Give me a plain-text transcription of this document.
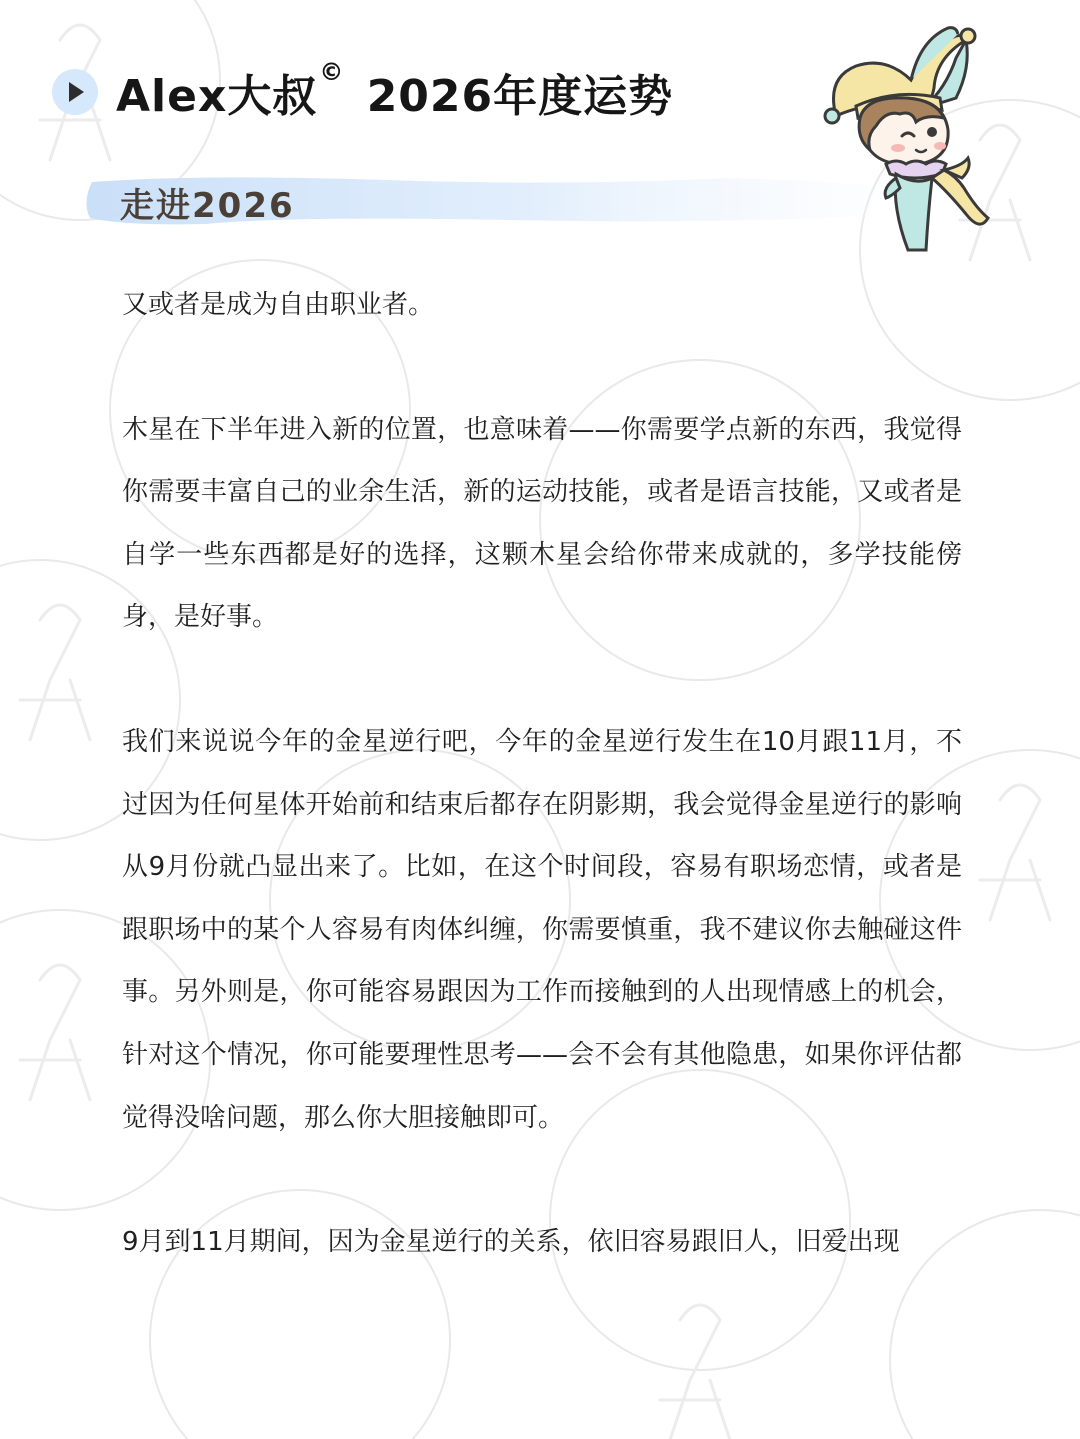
Alex大叔© 2026年度运势
走进2026

又或者是成为自由职业者。

木星在下半年进入新的位置，也意味着——你需要学点新的东西，我觉得你需要丰富自己的业余生活，新的运动技能，或者是语言技能，又或者是自学一些东西都是好的选择，这颗木星会给你带来成就的，多学技能傍身，是好事。

我们来说说今年的金星逆行吧，今年的金星逆行发生在10月跟11月，不过因为任何星体开始前和结束后都存在阴影期，我会觉得金星逆行的影响从9月份就凸显出来了。比如，在这个时间段，容易有职场恋情，或者是跟职场中的某个人容易有肉体纠缠，你需要慎重，我不建议你去触碰这件事。另外则是，你可能容易跟因为工作而接触到的人出现情感上的机会，针对这个情况，你可能要理性思考——会不会有其他隐患，如果你评估都觉得没啥问题，那么你大胆接触即可。

9月到11月期间，因为金星逆行的关系，依旧容易跟旧人，旧爱出现
